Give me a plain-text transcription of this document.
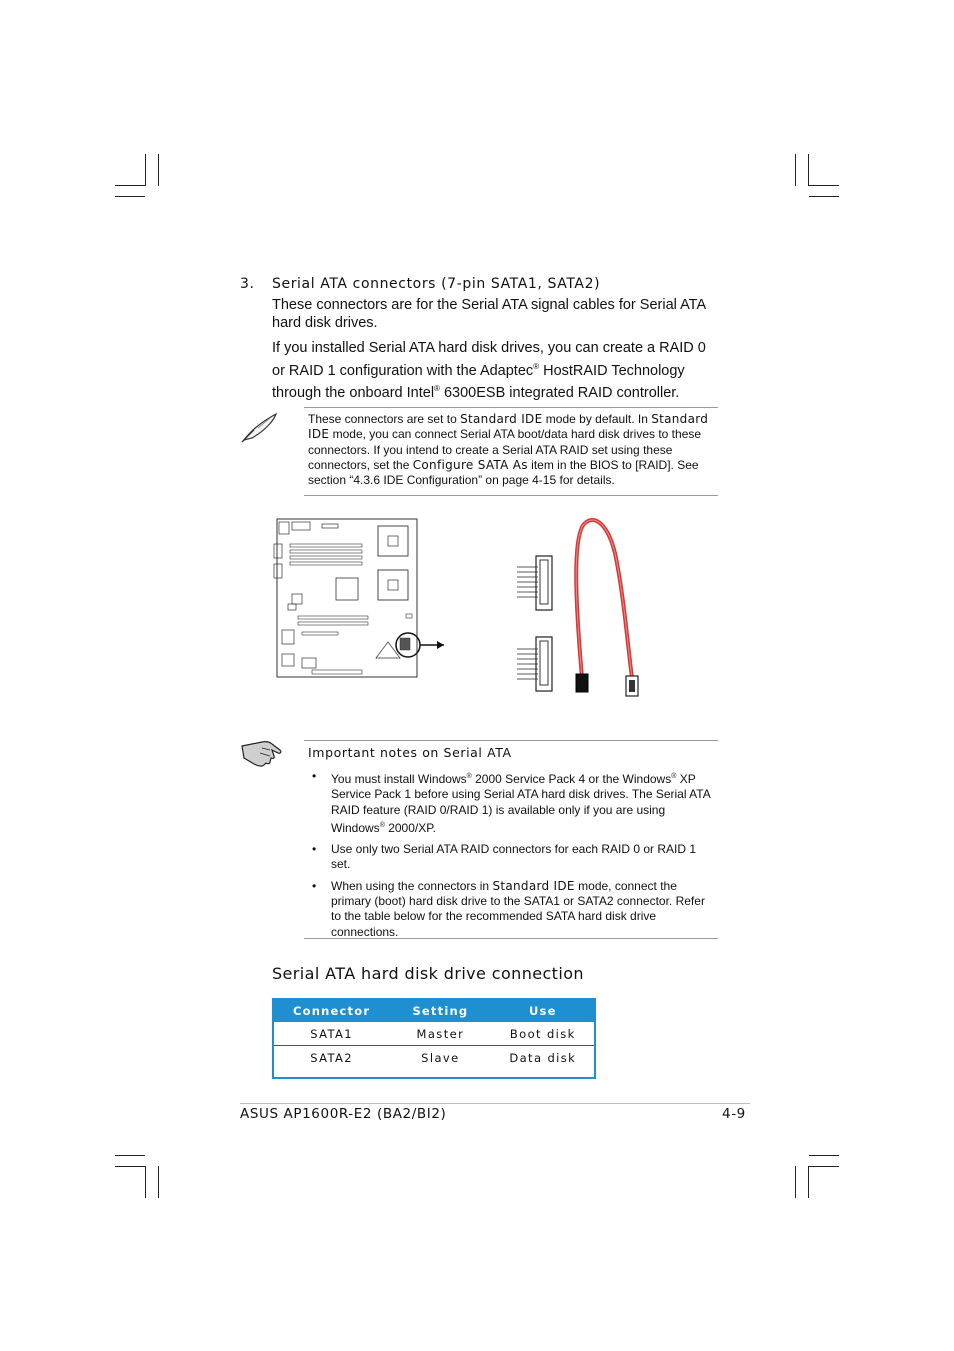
3. Serial ATA connectors (7-pin SATA1, SATA2)
These connectors are for the Serial ATA signal cables for Serial ATA hard disk drives.
If you installed Serial ATA hard disk drives, you can create a RAID 0 or RAID 1 configuration with the Adaptec® HostRAID Technology through the onboard Intel® 6300ESB integrated RAID controller.
These connectors are set to Standard IDE mode by default. In Standard IDE mode, you can connect Serial ATA boot/data hard disk drives to these connectors. If you intend to create a Serial ATA RAID set using these connectors, set the Configure SATA As item in the BIOS to [RAID]. See section “4.3.6 IDE Configuration” on page 4-15 for details.
Important notes on Serial ATA
• You must install Windows® 2000 Service Pack 4 or the Windows® XP Service Pack 1 before using Serial ATA hard disk drives. The Serial ATA RAID feature (RAID 0/RAID 1) is available only if you are using Windows® 2000/XP.
• Use only two Serial ATA RAID connectors for each RAID 0 or RAID 1 set.
• When using the connectors in Standard IDE mode, connect the primary (boot) hard disk drive to the SATA1 or SATA2 connector. Refer to the table below for the recommended SATA hard disk drive connections.
Serial ATA hard disk drive connection
Connector	Setting	Use
SATA1	Master	Boot disk
SATA2	Slave	Data disk
ASUS AP1600R-E2 (BA2/BI2)	4-9
